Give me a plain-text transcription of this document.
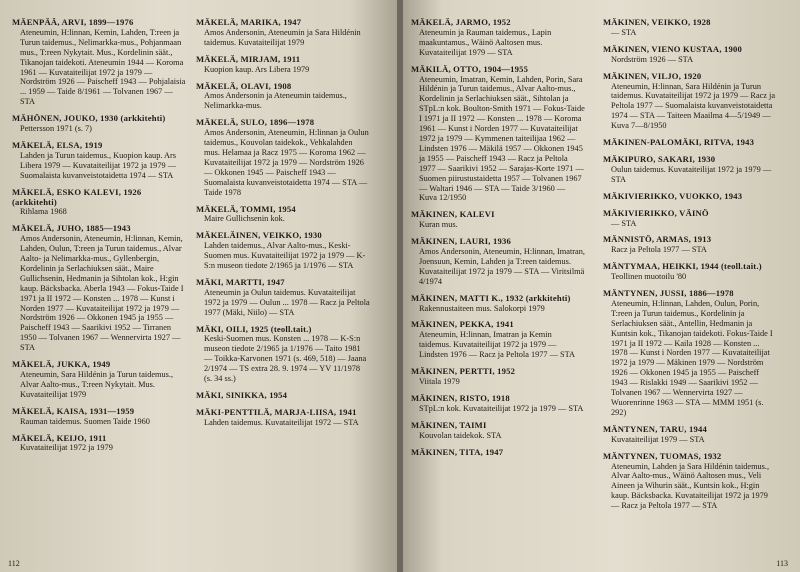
MÄENPÄÄ, ARVI, 1899—1976
Ateneumin, H:linnan, Kemin, Lahden, T:reen ja Turun taidemus., Nelimarkka-mus., Pohjanmaan mus., T:reen Nykytait. Mus., Kordelinin säät., Tikanojan taidekoti. Ateneumin 1944 — Koroma 1961 — Kuvataiteilijat 1972 ja 1979 — Nordström 1926 — Paischeff 1943 — Pohjalaisia ... 1959 — Taide 8/1961 — Tolvanen 1967 — STA
MÄHÖNEN, JOUKO, 1930 (arkkitehti)
Pettersson 1971 (s. 7)
MÄKELÄ, ELSA, 1919
Lahden ja Turun taidemus., Kuopion kaup. Ars Libera 1979 — Kuvataiteilijat 1972 ja 1979 — Suomalaista kuvanveistotaidetta 1974 — STA
MÄKELÄ, ESKO KALEVI, 1926 (arkkitehti)
Rihlama 1968
MÄKELÄ, JUHO, 1885—1943
Amos Andersonin, Ateneumin, H:linnan, Kemin, Lahden, Oulun, T:reen ja Turun taidemus., Alvar Aalto- ja Nelimarkka-mus., Gyllenbergin, Kordelinin ja Serlachiuksen säät., Maire Gullichsenin, Hedmanin ja Sihtolan kok., H:gin kaup. Bäcksbacka. Aberla 1943 — Fokus-Taide I 1971 ja II 1972 — Konsten ... 1978 — Kunst i Norden 1977 — Kuvataiteilijat 1972 ja 1979 — Nordström 1926 — Okkonen 1945 ja 1955 — Paischeff 1943 — Saarikivi 1952 — Tirranen 1950 — Tolvanen 1967 — Wennervirta 1927 — STA
MÄKELÄ, JUKKA, 1949
Ateneumin, Sara Hildénin ja Turun taidemus., Alvar Aalto-mus., T:reen Nykytait. Mus. Kuvataiteilijat 1979
MÄKELÄ, KAISA, 1931—1959
Rauman taidemus. Suomen Taide 1960
MÄKELÄ, KEIJO, 1911
Kuvataiteilijat 1972 ja 1979
MÄKELÄ, MARIKA, 1947
Amos Andersonin, Ateneumin ja Sara Hildénin taidemus. Kuvataiteilijat 1979
MÄKELÄ, MIRJAM, 1911
Kuopion kaup. Ars Libera 1979
MÄKELÄ, OLAVI, 1908
Amos Andersonin ja Ateneumin taidemus., Nelimarkka-mus.
MÄKELÄ, SULO, 1896—1978
Amos Andersonin, Ateneumin, H:linnan ja Oulun taidemus., Kouvolan taidekok., Vehkalahden mus. Helamaa ja Racz 1975 — Koroma 1962 — Kuvataiteilijat 1972 ja 1979 — Nordström 1926 — Okkonen 1945 — Paischeff 1943 — Suomalaista kuvanveistotaidetta 1974 — STA — Taide 1978
MÄKELÄ, TOMMI, 1954
Maire Gullichsenin kok.
MÄKELÄINEN, VEIKKO, 1930
Lahden taidemus., Alvar Aalto-mus., Keski-Suomen mus. Kuvataiteilijat 1972 ja 1979 — K-S:n museon tiedote 2/1965 ja 1/1976 — STA
MÄKI, MARTTI, 1947
Ateneumin ja Oulun taidemus. Kuvataiteilijat 1972 ja 1979 — Oulun ... 1978 — Racz ja Peltola 1977 (Mäki, Niilo) — STA
MÄKI, OILI, 1925 (teoll.tait.)
Keski-Suomen mus. Konsten ... 1978 — K-S:n museon tiedote 2/1965 ja 1/1976 — Taito 1981 — Toikka-Karvonen 1971 (s. 469, 518) — Jaana 2/1974 — TS extra 28. 9. 1974 — YV 11/1978 (s. 34 ss.)
MÄKI, SINIKKA, 1954
MÄKI-PENTTILÄ, MARJA-LIISA, 1941
Lahden taidemus. Kuvataiteilijat 1972 — STA
112
MÄKELÄ, JARMO, 1952
Ateneumin ja Rauman taidemus., Lapin maakuntamus., Wäinö Aaltosen mus. Kuvataiteilijat 1979 — STA
MÄKILÄ, OTTO, 1904—1955
Ateneumin, Imatran, Kemin, Lahden, Porin, Sara Hildénin ja Turun taidemus., Alvar Aalto-mus., Kordelinin ja Serlachiuksen säät., Sihtolan ja STpL:n kok. Boulton-Smith 1971 — Fokus-Taide I 1971 ja II 1972 — Konsten ... 1978 — Koroma 1961 — Kunst i Norden 1977 — Kuvataiteilijat 1972 ja 1979 — Kymmenen taiteilijaa 1962 — Lindsten 1976 — Mäkilä 1957 — Okkonen 1945 ja 1955 — Paischeff 1943 — Racz ja Peltola 1977 — Saarikivi 1952 — Sarajas-Korte 1971 — Suomen piirustustaidetta 1957 — Tolvanen 1967 — Waltari 1946 — STA — Taide 3/1960 — Kuva 12/1950
MÄKINEN, KALEVI
Kuran mus.
MÄKINEN, LAURI, 1936
Amos Andersonin, Ateneumin, H:linnan, Imatran, Joensuun, Kemin, Lahden ja T:reen taidemus. Kuvataiteilijat 1972 ja 1979 — STA — Viritsilmä 4/1974
MÄKINEN, MATTI K., 1932 (arkkitehti)
Rakennustaiteen mus. Salokorpi 1979
MÄKINEN, PEKKA, 1941
Ateneumin, H:linnan, Imatran ja Kemin taidemus. Kuvataiteilijat 1972 ja 1979 — Lindsten 1976 — Racz ja Peltola 1977 — STA
MÄKINEN, PERTTI, 1952
Viitala 1979
MÄKINEN, RISTO, 1918
STpL:n kok. Kuvataiteilijat 1972 ja 1979 — STA
MÄKINEN, TAIMI
Kouvolan taidekok. STA
MÄKINEN, TITA, 1947
MÄKINEN, VEIKKO, 1928
— STA
MÄKINEN, VIENO KUSTAA, 1900
Nordström 1926 — STA
MÄKINEN, VILJO, 1920
Ateneumin, H:linnan, Sara Hildénin ja Turun taidemus. Kuvataiteilijat 1972 ja 1979 — Racz ja Peltola 1977 — Suomalaista kuvanveistotaidetta 1974 — STA — Taiteen Maailma 4—5/1949 — Kuva 7—8/1950
MÄKINEN-PALOMÄKI, RITVA, 1943
MÄKIPURO, SAKARI, 1930
Oulun taidemus. Kuvataiteilijat 1972 ja 1979 — STA
MÄKIVIERIKKO, VUOKKO, 1943
MÄKIVIERIKKO, VÄINÖ
— STA
MÄNNISTÖ, ARMAS, 1913
Racz ja Peltola 1977 — STA
MÄNTYMAA, HEIKKI, 1944 (teoll.tait.)
Teollinen muotoilu '80
MÄNTYNEN, JUSSI, 1886—1978
Ateneumin, H:linnan, Lahden, Oulun, Porin, T:reen ja Turun taidemus., Kordelinin ja Serlachiuksen säät., Antellin, Hedmanin ja Kuntsin kok., Tikanojan taidekoti. Fokus-Taide I 1971 ja II 1972 — Kaila 1928 — Konsten ... 1978 — Kunst i Norden 1977 — Kuvataiteilijat 1972 ja 1979 — Mäkinen 1979 — Nordström 1926 — Okkonen 1945 ja 1955 — Paischeff 1943 — Rislakki 1949 — Saarikivi 1952 — Tolvanen 1967 — Wennervirta 1927 — Wuorenrinne 1963 — STA — MMM 1951 (s. 292)
MÄNTYNEN, TARU, 1944
Kuvataiteilijat 1979 — STA
MÄNTYNEN, TUOMAS, 1932
Ateneumin, Lahden ja Sara Hildénin taidemus., Alvar Aalto-mus., Wäinö Aaltosen mus., Veli Aineen ja Wihurin säät., Kuntsin kok., H:gin kaup. Bäcksbacka. Kuvataiteilijat 1972 ja 1979 — Racz ja Peltola 1977 — STA
113
